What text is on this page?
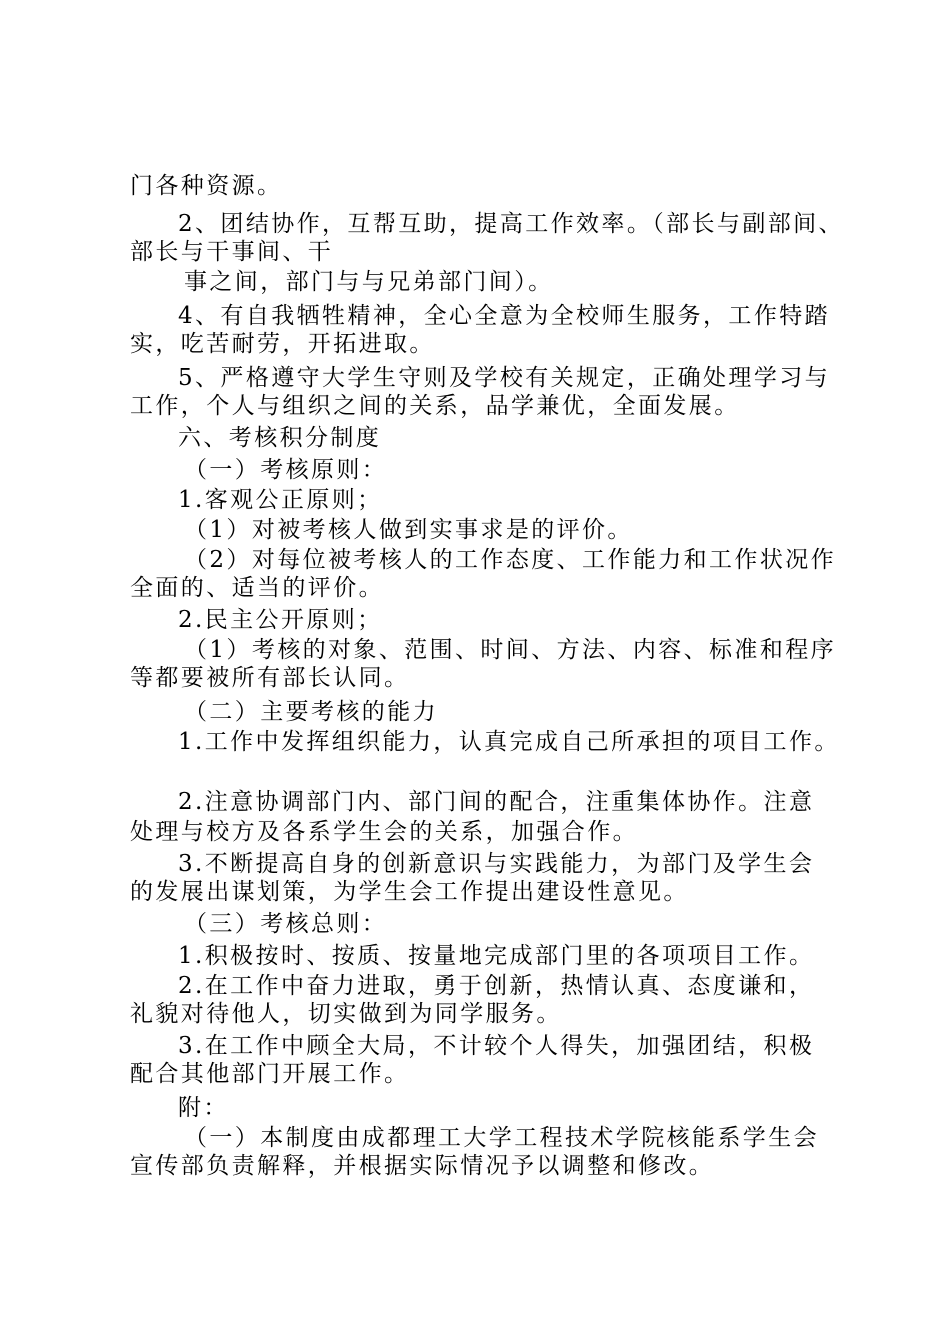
门各种资源。
2、团结协作，互帮互助，提高工作效率。（部长与副部间、
部长与干事间、干
事之间，部门与与兄弟部门间）。
4、有自我牺牲精神，全心全意为全校师生服务，工作特踏
实，吃苦耐劳，开拓进取。
5、严格遵守大学生守则及学校有关规定，正确处理学习与
工作，个人与组织之间的关系，品学兼优，全面发展。
六、考核积分制度
（一）考核原则：
1.客观公正原则；
（1）对被考核人做到实事求是的评价。
（2）对每位被考核人的工作态度、工作能力和工作状况作
全面的、适当的评价。
2.民主公开原则；
（1）考核的对象、范围、时间、方法、内容、标准和程序
等都要被所有部长认同。
（二）主要考核的能力
1.工作中发挥组织能力，认真完成自己所承担的项目工作。
2.注意协调部门内、部门间的配合，注重集体协作。注意
处理与校方及各系学生会的关系，加强合作。
3.不断提高自身的创新意识与实践能力，为部门及学生会
的发展出谋划策，为学生会工作提出建设性意见。
（三）考核总则：
1.积极按时、按质、按量地完成部门里的各项项目工作。
2.在工作中奋力进取，勇于创新，热情认真、态度谦和，
礼貌对待他人，切实做到为同学服务。
3.在工作中顾全大局，不计较个人得失，加强团结，积极
配合其他部门开展工作。
附：
（一）本制度由成都理工大学工程技术学院核能系学生会
宣传部负责解释，并根据实际情况予以调整和修改。
